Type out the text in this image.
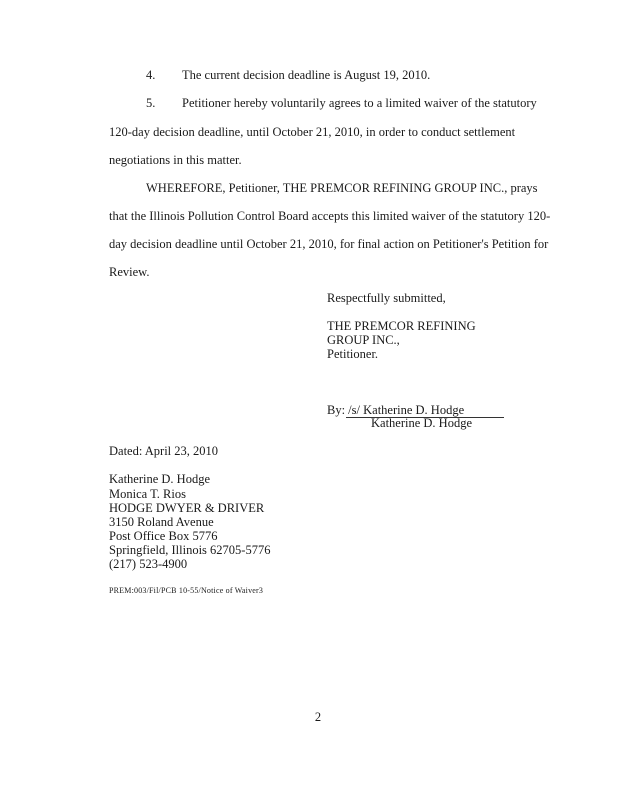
4. The current decision deadline is August 19, 2010.
5. Petitioner hereby voluntarily agrees to a limited waiver of the statutory
120-day decision deadline, until October 21, 2010, in order to conduct settlement
negotiations in this matter.
WHEREFORE, Petitioner, THE PREMCOR REFINING GROUP INC., prays
that the Illinois Pollution Control Board accepts this limited waiver of the statutory 120-
day decision deadline until October 21, 2010, for final action on Petitioner's Petition for
Review.
Respectfully submitted,
THE PREMCOR REFINING
GROUP INC.,
Petitioner.
By: /s/ Katherine D. Hodge
Katherine D. Hodge
Dated: April 23, 2010
Katherine D. Hodge
Monica T. Rios
HODGE DWYER & DRIVER
3150 Roland Avenue
Post Office Box 5776
Springfield, Illinois 62705-5776
(217) 523-4900
PREM:003/Fil/PCB 10-55/Notice of Waiver3
2
